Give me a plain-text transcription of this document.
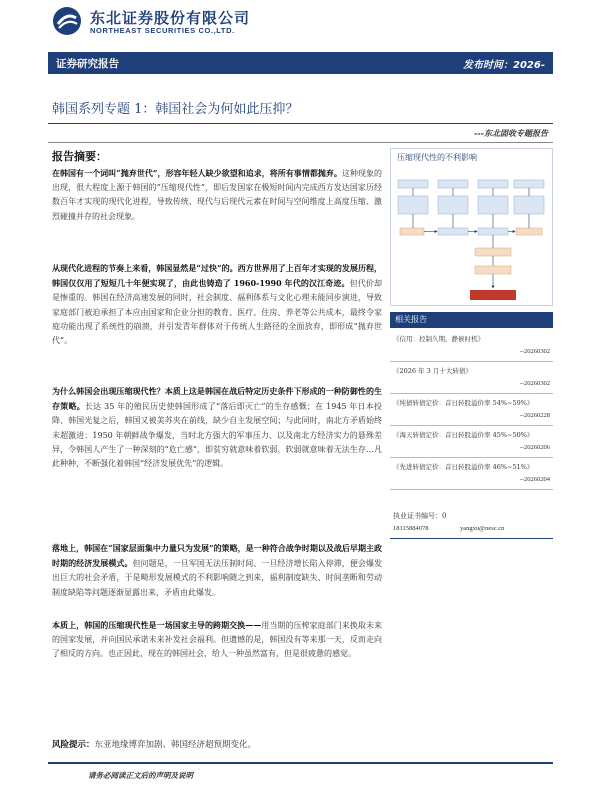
东北证券股份有限公司
NORTHEAST SECURITIES CO.,LTD.
证券研究报告	发布时间：2026-
韩国系列专题 1：韩国社会为何如此压抑？
---东北固收专题报告
报告摘要：
在韩国有一个词叫“抛弃世代”，形容年轻人缺少欲望和追求，将所有事情都抛弃。这种现象的出现，很大程度上源于韩国的“压缩现代性”，即后发国家在极短时间内完成西方发达国家历经数百年才实现的现代化进程，导致传统、现代与后现代元素在时间与空间维度上高度压缩、激烈碰撞并存的社会现象。
从现代化进程的节奏上来看，韩国显然是“过快”的。西方世界用了上百年才实现的发展历程，韩国仅仅用了短短几十年便实现了，由此也铸造了 1960-1990 年代的汉江奇迹。但代价却是惨重的。韩国在经济高速发展的同时，社会制度、福利体系与文化心理未能同步演进，导致家庭部门被迫承担了本应由国家和企业分担的教育、医疗、住房、养老等公共成本，最终令家庭功能出现了系统性的崩溃，并引发青年群体对于传统人生路径的全面放弃，即形成“抛弃世代”。
为什么韩国会出现压缩现代性？本质上这是韩国在战后特定历史条件下形成的一种防御性的生存策略。长达 35 年的殖民历史使韩国形成了“落后即灭亡”的生存感慨；在 1945 年日本投降、韩国光复之后，韩国又被美苏夹在前线，缺少自主发展空间；与此同时，南北方矛盾始终未超激进：1950 年朝鲜战争爆发，当时北方强大的军事压力、以及南北方经济实力的悬殊差异，令韩国人产生了一种深刻的“危亡感”，即贫穷就意味着软弱，软弱就意味着无法生存…凡此种种，不断强化着韩国“经济发展优先”的逻辑。
落地上，韩国在“国家层面集中力量只为发展”的策略，是一种符合战争时期以及战后早期主政时期的经济发展模式。但问题是，一旦军国无法压制时间、一旦经济增长陷入停滞，便会爆发出巨大的社会矛盾，于是畸形发展模式的不利影响随之到来，福利制度缺失、时间垄断和劳动制度缺陷等问题逐渐显露出来，矛盾由此爆发。
本质上，韩国的压缩现代性是一场国家主导的跨期交换——用当期的压榨家庭部门来换取未来的国家发展，并向国民承诺未来补发社会福利。但遗憾的是，韩国没有等来那一天，反而走向了相反的方向。也正因此，现在的韩国社会，给人一种虽然富有，但是很疲惫的感觉。
风险提示：东亚地缘博弈加剧、韩国经济超预期变化。
请务必阅读正文后的声明及说明
压缩现代性的不利影响
相关报告
《信用：控制久期，静候时机》
--20260302
《2026 年 3 月十大转债》
--20260302
《纯债转债定价：首日转股溢价率 54%~59%》
--20260228
《海天转债定价：首日转股溢价率 45%~50%》
--20260206
《先进转债定价：首日转股溢价率 46%~51%》
--20260204
执业证书编号：0
18115884078	yangxu@nesc.cn
